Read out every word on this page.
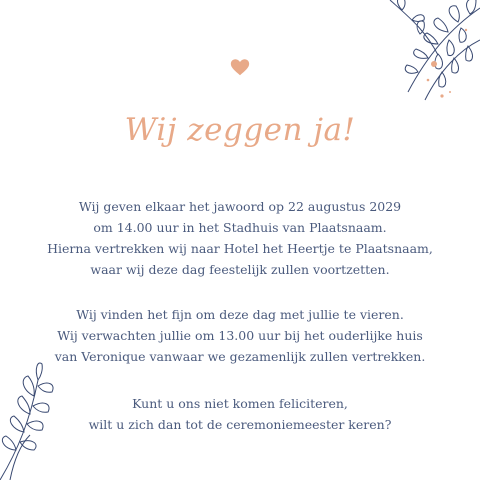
Wij zeggen ja!
Wij geven elkaar het jawoord op 22 augustus 2029
om 14.00 uur in het Stadhuis van Plaatsnaam.
Hierna vertrekken wij naar Hotel het Heertje te Plaatsnaam,
waar wij deze dag feestelijk zullen voortzetten.
Wij vinden het fijn om deze dag met jullie te vieren.
Wij verwachten jullie om 13.00 uur bij het ouderlijke huis
van Veronique vanwaar we gezamenlijk zullen vertrekken.
Kunt u ons niet komen feliciteren,
wilt u zich dan tot de ceremoniemeester keren?
